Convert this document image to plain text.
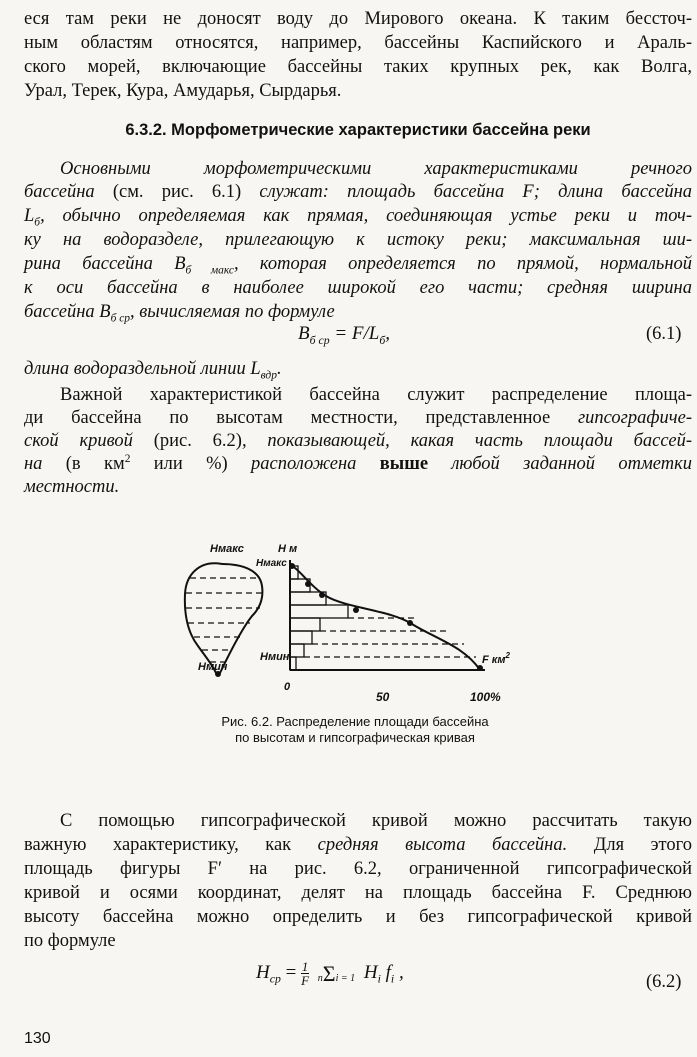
еся там реки не доносят воду до Мирового океана. К таким бессточ-
ным областям относятся, например, бассейны Каспийского и Араль-
ского морей, включающие бассейны таких крупных рек, как Волга,
Урал, Терек, Кура, Амударья, Сырдарья.
6.3.2. Морфометрические характеристики бассейна реки
Основными морфометрическими характеристиками речного
бассейна (см. рис. 6.1) служат: площадь бассейна F; длина бассейна
$L_б$, обычно определяемая как прямая, соединяющая устье реки и точ-
ку на водоразделе, прилегающую к истоку реки; максимальная ши-
рина бассейна $B_{б макс}$, которая определяется по прямой, нормальной
к оси бассейна в наиболее широкой его части; средняя ширина
бассейна $B_{б ср}$, вычисляемая по формуле
$B_{б ср} = F/L_б$,	(6.1)
длина водораздельной линии $L_{вдр}$.
Важной характеристикой бассейна служит распределение площа-
ди бассейна по высотам местности, представленное гипсографиче-
ской кривой (рис. 6.2), показывающей, какая часть площади бассей-
на (в $км^2$ или %) расположена выше любой заданной отметки
местности.
Hмакс
Hмин
H м
Hмакс
Hмин	F $км^2$
0
50	100%
Рис. 6.2. Распределение площади бассейна
по высотам и гипсографическая кривая
С помощью гипсографической кривой можно рассчитать такую
важную характеристику, как средняя высота бассейна. Для этого
площадь фигуры F′ на рис. 6.2, ограниченной гипсографической
кривой и осями координат, делят на площадь бассейна F. Среднюю
высоту бассейна можно определить и без гипсографической кривой
по формуле
$H_{ср} = \frac{1}{F}$ nΣi = 1 $H_i$ $f_i$ ,	(6.2)
130
